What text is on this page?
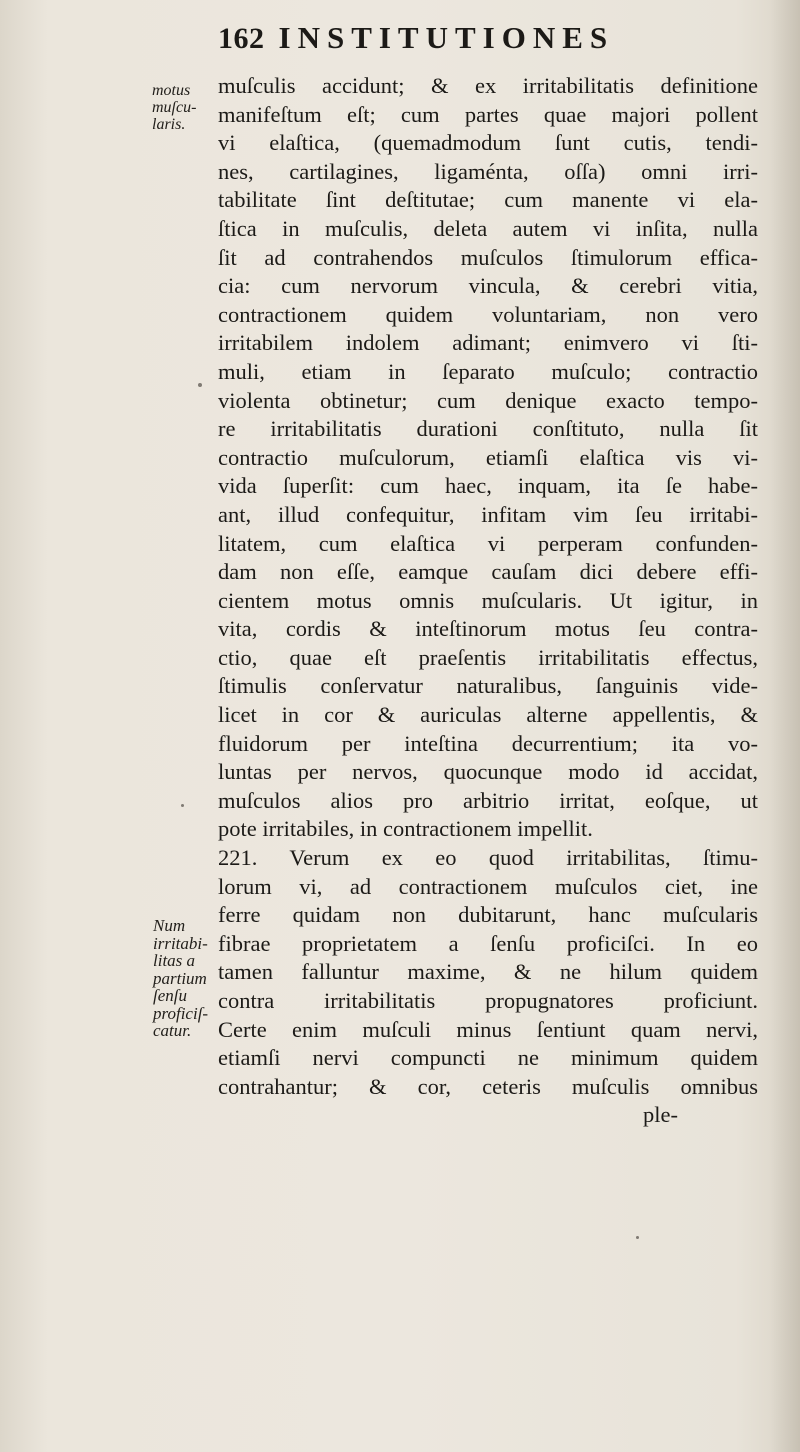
162 INSTITUTIONES
motus
muſcu-
laris.
Num
irritabi-
litas a
partium
ſenſu
proficiſ-
catur.
muſculis accidunt; & ex irritabilitatis definitione
manifeſtum eſt; cum partes quae majori pollent
vi elaſtica, (quemadmodum ſunt cutis, tendi-
nes, cartilagines, ligaménta, oſſa) omni irri-
tabilitate ſint deſtitutae; cum manente vi ela-
ſtica in muſculis, deleta autem vi inſita, nulla
ſit ad contrahendos muſculos ſtimulorum effica-
cia: cum nervorum vincula, & cerebri vitia,
contractionem quidem voluntariam, non vero
irritabilem indolem adimant; enimvero vi ſti-
muli, etiam in ſeparato muſculo; contractio
violenta obtinetur; cum denique exacto tempo-
re irritabilitatis durationi conſtituto, nulla ſit
contractio muſculorum, etiamſi elaſtica vis vi-
vida ſuperſit: cum haec, inquam, ita ſe habe-
ant, illud confequitur, infitam vim ſeu irritabi-
litatem, cum elaſtica vi perperam confunden-
dam non eſſe, eamque cauſam dici debere effi-
cientem motus omnis muſcularis. Ut igitur, in
vita, cordis & inteſtinorum motus ſeu contra-
ctio, quae eſt praeſentis irritabilitatis effectus,
ſtimulis conſervatur naturalibus, ſanguinis vide-
licet in cor & auriculas alterne appellentis, &
fluidorum per inteſtina decurrentium; ita vo-
luntas per nervos, quocunque modo id accidat,
muſculos alios pro arbitrio irritat, eoſque, ut
pote irritabiles, in contractionem impellit.
221. Verum ex eo quod irritabilitas, ſtimu-
lorum vi, ad contractionem muſculos ciet, ine
ferre quidam non dubitarunt, hanc muſcularis
fibrae proprietatem a ſenſu proficiſci. In eo
tamen falluntur maxime, & ne hilum quidem
contra irritabilitatis propugnatores proficiunt.
Certe enim muſculi minus ſentiunt quam nervi,
etiamſi nervi compuncti ne minimum quidem
contrahantur; & cor, ceteris muſculis omnibus
ple-
